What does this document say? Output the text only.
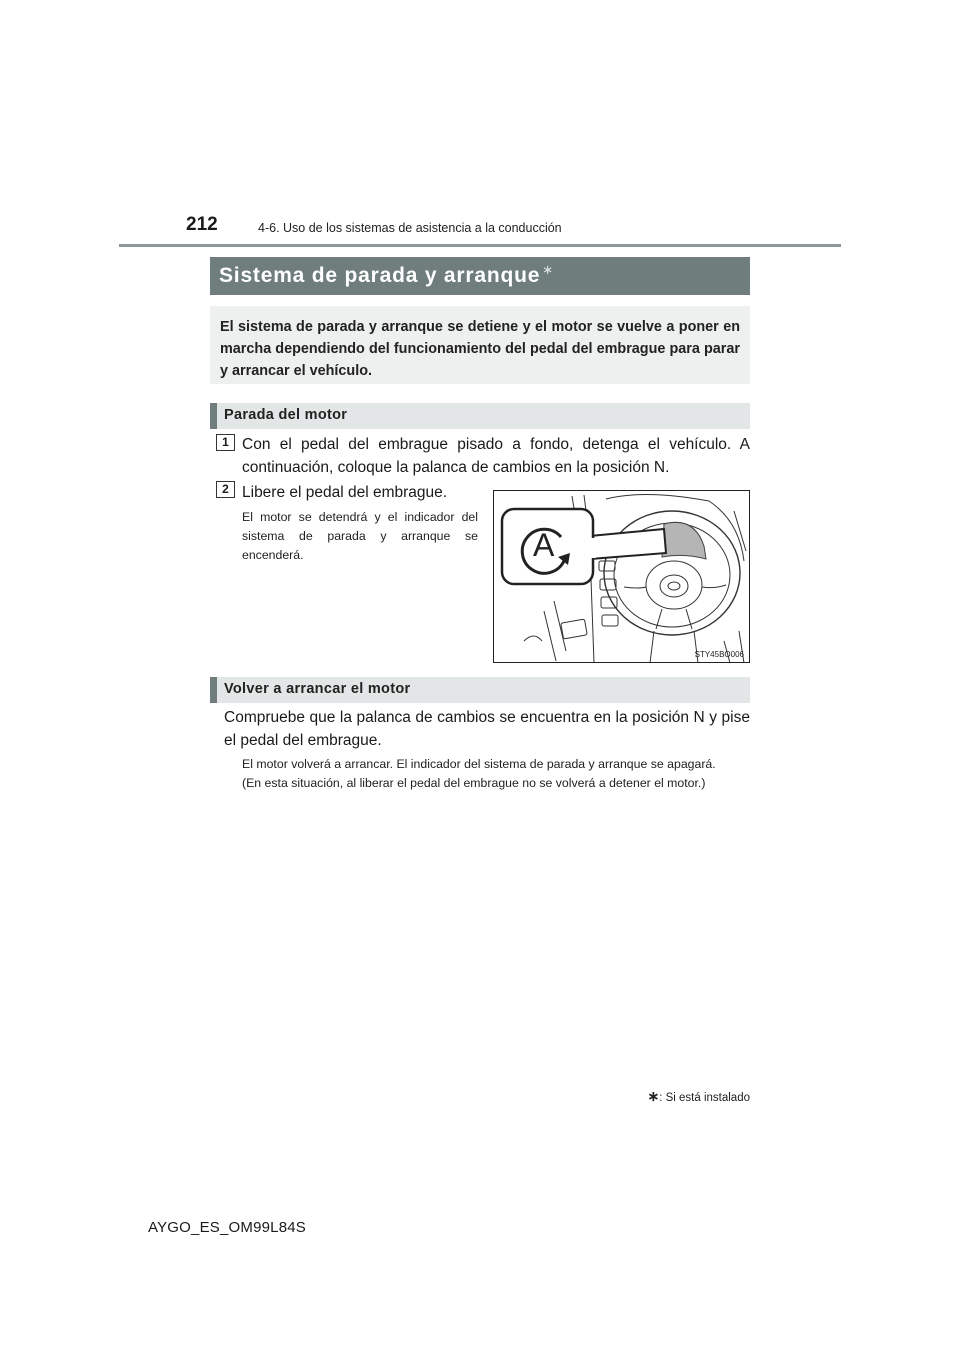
212	4-6. Uso de los sistemas de asistencia a la conducción
Sistema de parada y arranque ∗
El sistema de parada y arranque se detiene y el motor se vuelve a poner en marcha dependiendo del funcionamiento del pedal del embrague para parar y arrancar el vehículo.
Parada del motor
1 Con el pedal del embrague pisado a fondo, detenga el vehículo. A continuación, coloque la palanca de cambios en la posición N.
2 Libere el pedal del embrague.
El motor se detendrá y el indicador del sistema de parada y arranque se encenderá.	A
STY45BO006
Volver a arrancar el motor
Compruebe que la palanca de cambios se encuentra en la posición N y pise el pedal del embrague.
El motor volverá a arrancar. El indicador del sistema de parada y arranque se apagará.
(En esta situación, al liberar el pedal del embrague no se volverá a detener el motor.)
∗: Si está instalado
AYGO_ES_OM99L84S
